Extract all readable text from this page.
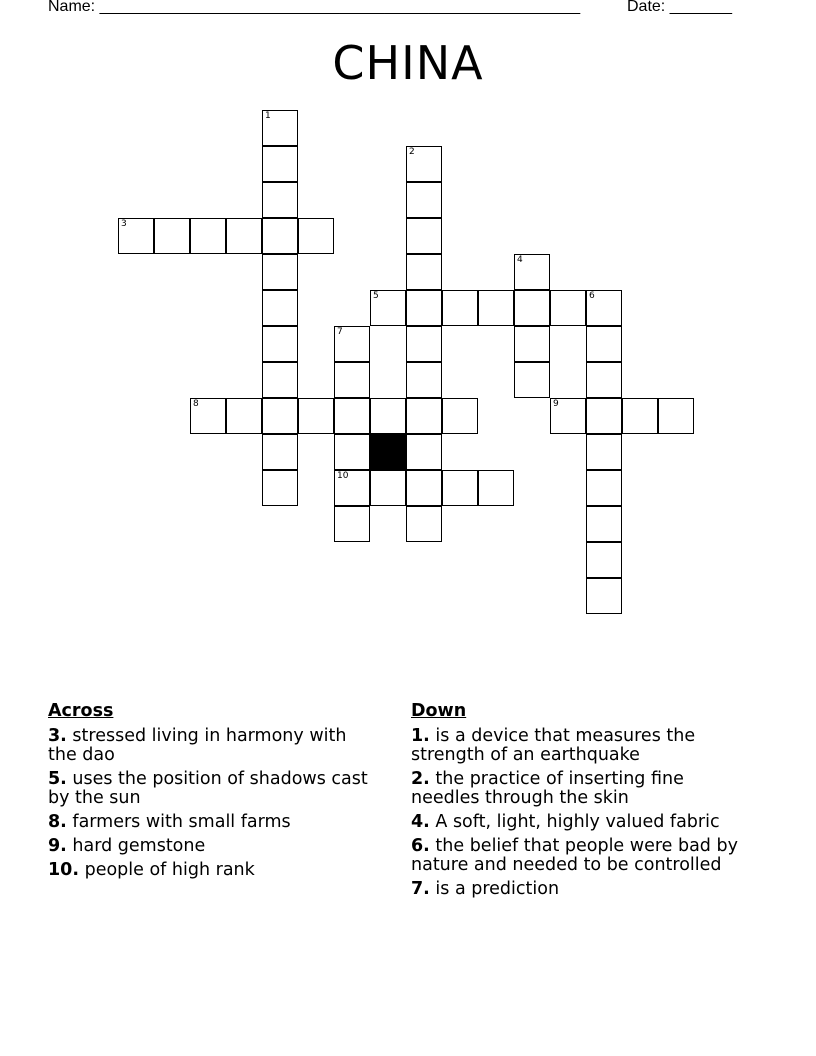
Name: ______________________________________________________	Date: _______
CHINA
3
5	6
8	9
10
1
2
4
7
Across
3. stressed living in harmony with the dao
5. uses the position of shadows cast by the sun
8. farmers with small farms
9. hard gemstone
10. people of high rank
Down
1. is a device that measures the strength of an earthquake
2. the practice of inserting fine needles through the skin
4. A soft, light, highly valued fabric
6. the belief that people were bad by nature and needed to be controlled
7. is a prediction
